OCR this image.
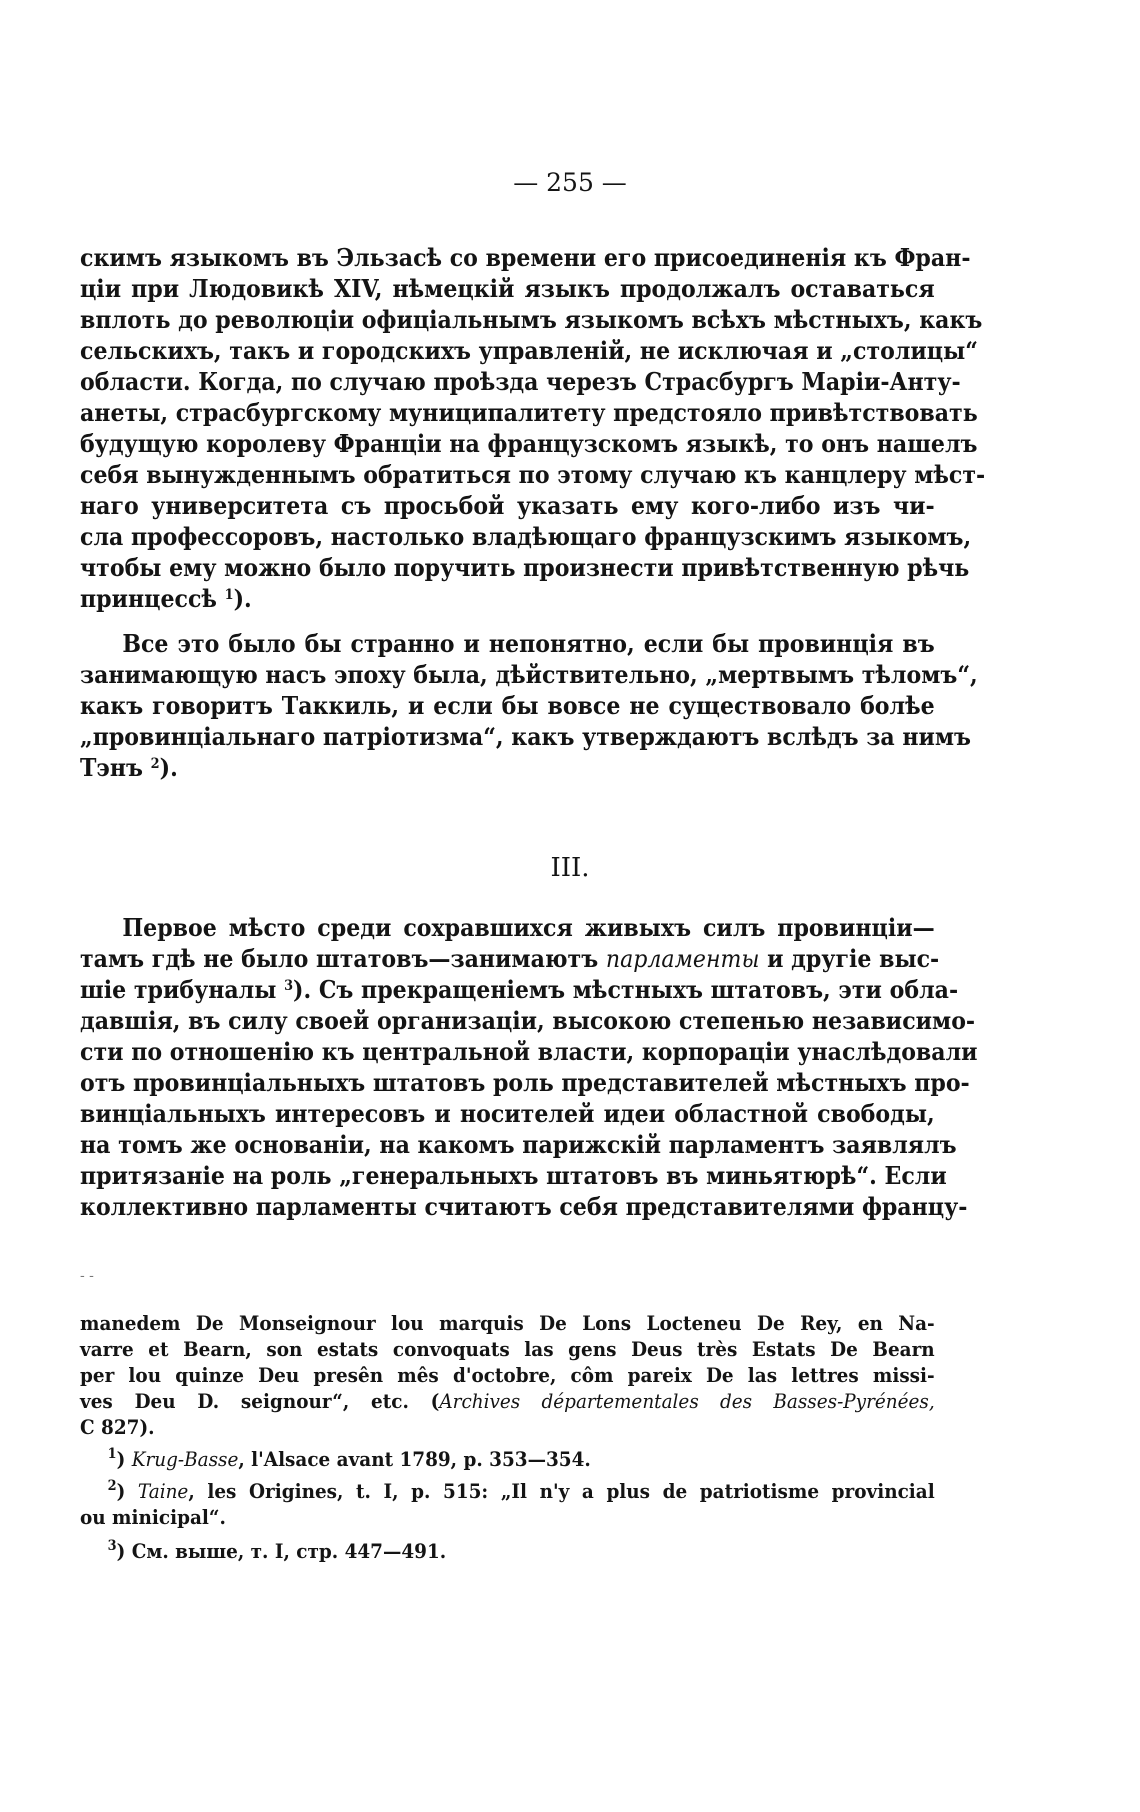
— 255 —
скимъ языкомъ въ Эльзасѣ со времени его присоединенія къ Фран-
ціи при Людовикѣ XIV, нѣмецкій языкъ продолжалъ оставаться
вплоть до революціи офиціальнымъ языкомъ всѣхъ мѣстныхъ, какъ
сельскихъ, такъ и городскихъ управленій, не исключая и „столицы“
области. Когда, по случаю проѣзда черезъ Страсбургъ Маріи-Анту-
анеты, страсбургскому муниципалитету предстояло привѣтствовать
будущую королеву Франціи на французскомъ языкѣ, то онъ нашелъ
себя вынужденнымъ обратиться по этому случаю къ канцлеру мѣст-
наго университета съ просьбой указать ему кого-либо изъ чи-
сла профессоровъ, настолько владѣющаго французскимъ языкомъ,
чтобы ему можно было поручить произнести привѣтственную рѣчь
принцессѣ $^1$).
Все это было бы странно и непонятно, если бы провинція въ
занимающую насъ эпоху была, дѣйствительно, „мертвымъ тѣломъ“,
какъ говоритъ Таккиль, и если бы вовсе не существовало болѣе
„провинціальнаго патріотизма“, какъ утверждаютъ вслѣдъ за нимъ
Тэнъ $^2$).
III.
Первое мѣсто среди сохравшихся живыхъ силъ провинціи—
тамъ гдѣ не было штатовъ—занимаютъ парламенты и другіе выс-
шіе трибуналы $^3$). Съ прекращеніемъ мѣстныхъ штатовъ, эти обла-
давшія, въ силу своей организаціи, высокою степенью независимо-
сти по отношенію къ центральной власти, корпораціи унаслѣдовали
отъ провинціальныхъ штатовъ роль представителей мѣстныхъ про-
винціальныхъ интересовъ и носителей идеи областной свободы,
на томъ же основаніи, на какомъ парижскій парламентъ заявлялъ
притязаніе на роль „генеральныхъ штатовъ въ миньятюрѣ“. Если
коллективно парламенты считаютъ себя представителями францу-
- -
manedem De Monseignour lou marquis De Lons Locteneu De Rey, en Na-
varre et Bearn, son estats convoquats las gens Deus très Estats De Bearn
per lou quinze Deu presên mês d'octobre, côm pareix De las lettres missi-
ves Deu D. seignour“, etc. (Archives départementales des Basses-Pyrénées,
C 827).
$^1$) Krug-Basse, l'Alsace avant 1789, p. 353—354.
$^2$) Taine, les Origines, t. I, p. 515: „Il n'y a plus de patriotisme provincial
ou minicipal“.
$^3$) См. выше, т. I, стр. 447—491.
